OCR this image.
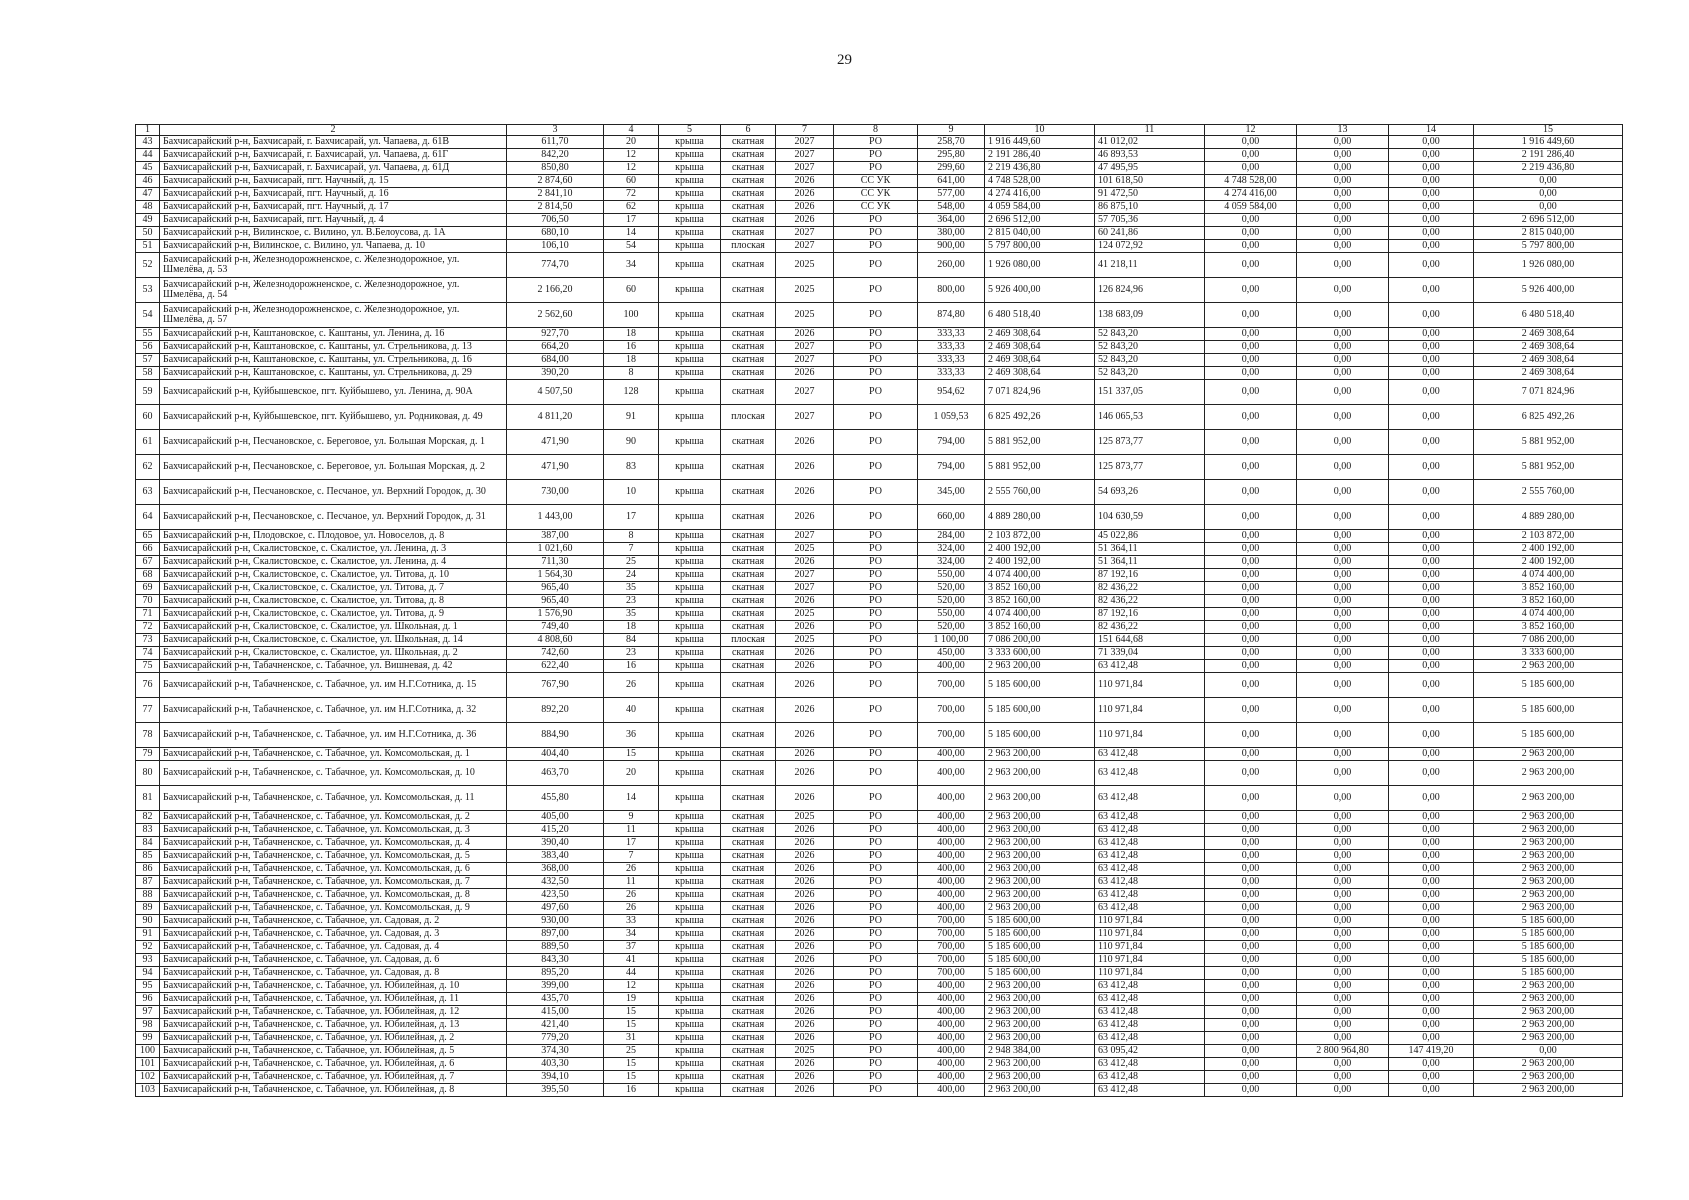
29
1	2	3	4	5	6	7	8	9	10	11	12	13	14	15
43	Бахчисарайский р-н, Бахчисарай, г. Бахчисарай, ул. Чапаева, д. 61В	611,70	20	крыша	скатная	2027	РО	258,70	1 916 449,60	41 012,02	0,00	0,00	0,00	1 916 449,60
44	Бахчисарайский р-н, Бахчисарай, г. Бахчисарай, ул. Чапаева, д. 61Г	842,20	12	крыша	скатная	2027	РО	295,80	2 191 286,40	46 893,53	0,00	0,00	0,00	2 191 286,40
45	Бахчисарайский р-н, Бахчисарай, г. Бахчисарай, ул. Чапаева, д. 61Д	850,80	12	крыша	скатная	2027	РО	299,60	2 219 436,80	47 495,95	0,00	0,00	0,00	2 219 436,80
46	Бахчисарайский р-н, Бахчисарай, пгт. Научный, д. 15	2 874,60	60	крыша	скатная	2026	СС УК	641,00	4 748 528,00	101 618,50	4 748 528,00	0,00	0,00	0,00
47	Бахчисарайский р-н, Бахчисарай, пгт. Научный, д. 16	2 841,10	72	крыша	скатная	2026	СС УК	577,00	4 274 416,00	91 472,50	4 274 416,00	0,00	0,00	0,00
48	Бахчисарайский р-н, Бахчисарай, пгт. Научный, д. 17	2 814,50	62	крыша	скатная	2026	СС УК	548,00	4 059 584,00	86 875,10	4 059 584,00	0,00	0,00	0,00
49	Бахчисарайский р-н, Бахчисарай, пгт. Научный, д. 4	706,50	17	крыша	скатная	2026	РО	364,00	2 696 512,00	57 705,36	0,00	0,00	0,00	2 696 512,00
50	Бахчисарайский р-н, Вилинское, с. Вилино, ул. В.Белоусова, д. 1А	680,10	14	крыша	скатная	2027	РО	380,00	2 815 040,00	60 241,86	0,00	0,00	0,00	2 815 040,00
51	Бахчисарайский р-н, Вилинское, с. Вилино, ул. Чапаева, д. 10	106,10	54	крыша	плоская	2027	РО	900,00	5 797 800,00	124 072,92	0,00	0,00	0,00	5 797 800,00
52	Бахчисарайский р-н, Железнодорожненское, с. Железнодорожное, ул. Шмелёва, д. 53	774,70	34	крыша	скатная	2025	РО	260,00	1 926 080,00	41 218,11	0,00	0,00	0,00	1 926 080,00
53	Бахчисарайский р-н, Железнодорожненское, с. Железнодорожное, ул. Шмелёва, д. 54	2 166,20	60	крыша	скатная	2025	РО	800,00	5 926 400,00	126 824,96	0,00	0,00	0,00	5 926 400,00
54	Бахчисарайский р-н, Железнодорожненское, с. Железнодорожное, ул. Шмелёва, д. 57	2 562,60	100	крыша	скатная	2025	РО	874,80	6 480 518,40	138 683,09	0,00	0,00	0,00	6 480 518,40
55	Бахчисарайский р-н, Каштановское, с. Каштаны, ул. Ленина, д. 16	927,70	18	крыша	скатная	2026	РО	333,33	2 469 308,64	52 843,20	0,00	0,00	0,00	2 469 308,64
56	Бахчисарайский р-н, Каштановское, с. Каштаны, ул. Стрельникова, д. 13	664,20	16	крыша	скатная	2027	РО	333,33	2 469 308,64	52 843,20	0,00	0,00	0,00	2 469 308,64
57	Бахчисарайский р-н, Каштановское, с. Каштаны, ул. Стрельникова, д. 16	684,00	18	крыша	скатная	2027	РО	333,33	2 469 308,64	52 843,20	0,00	0,00	0,00	2 469 308,64
58	Бахчисарайский р-н, Каштановское, с. Каштаны, ул. Стрельникова, д. 29	390,20	8	крыша	скатная	2026	РО	333,33	2 469 308,64	52 843,20	0,00	0,00	0,00	2 469 308,64
59	Бахчисарайский р-н, Куйбышевское, пгт. Куйбышево, ул. Ленина, д. 90А	4 507,50	128	крыша	скатная	2027	РО	954,62	7 071 824,96	151 337,05	0,00	0,00	0,00	7 071 824,96
60	Бахчисарайский р-н, Куйбышевское, пгт. Куйбышево, ул. Родниковая, д. 49	4 811,20	91	крыша	плоская	2027	РО	1 059,53	6 825 492,26	146 065,53	0,00	0,00	0,00	6 825 492,26
61	Бахчисарайский р-н, Песчановское, с. Береговое, ул. Большая Морская, д. 1	471,90	90	крыша	скатная	2026	РО	794,00	5 881 952,00	125 873,77	0,00	0,00	0,00	5 881 952,00
62	Бахчисарайский р-н, Песчановское, с. Береговое, ул. Большая Морская, д. 2	471,90	83	крыша	скатная	2026	РО	794,00	5 881 952,00	125 873,77	0,00	0,00	0,00	5 881 952,00
63	Бахчисарайский р-н, Песчановское, с. Песчаное, ул. Верхний Городок, д. 30	730,00	10	крыша	скатная	2026	РО	345,00	2 555 760,00	54 693,26	0,00	0,00	0,00	2 555 760,00
64	Бахчисарайский р-н, Песчановское, с. Песчаное, ул. Верхний Городок, д. 31	1 443,00	17	крыша	скатная	2026	РО	660,00	4 889 280,00	104 630,59	0,00	0,00	0,00	4 889 280,00
65	Бахчисарайский р-н, Плодовское, с. Плодовое, ул. Новоселов, д. 8	387,00	8	крыша	скатная	2027	РО	284,00	2 103 872,00	45 022,86	0,00	0,00	0,00	2 103 872,00
66	Бахчисарайский р-н, Скалистовское, с. Скалистое, ул. Ленина, д. 3	1 021,60	7	крыша	скатная	2025	РО	324,00	2 400 192,00	51 364,11	0,00	0,00	0,00	2 400 192,00
67	Бахчисарайский р-н, Скалистовское, с. Скалистое, ул. Ленина, д. 4	711,30	25	крыша	скатная	2026	РО	324,00	2 400 192,00	51 364,11	0,00	0,00	0,00	2 400 192,00
68	Бахчисарайский р-н, Скалистовское, с. Скалистое, ул. Титова, д. 10	1 564,30	24	крыша	скатная	2027	РО	550,00	4 074 400,00	87 192,16	0,00	0,00	0,00	4 074 400,00
69	Бахчисарайский р-н, Скалистовское, с. Скалистое, ул. Титова, д. 7	965,40	35	крыша	скатная	2027	РО	520,00	3 852 160,00	82 436,22	0,00	0,00	0,00	3 852 160,00
70	Бахчисарайский р-н, Скалистовское, с. Скалистое, ул. Титова, д. 8	965,40	23	крыша	скатная	2026	РО	520,00	3 852 160,00	82 436,22	0,00	0,00	0,00	3 852 160,00
71	Бахчисарайский р-н, Скалистовское, с. Скалистое, ул. Титова, д. 9	1 576,90	35	крыша	скатная	2025	РО	550,00	4 074 400,00	87 192,16	0,00	0,00	0,00	4 074 400,00
72	Бахчисарайский р-н, Скалистовское, с. Скалистое, ул. Школьная, д. 1	749,40	18	крыша	скатная	2026	РО	520,00	3 852 160,00	82 436,22	0,00	0,00	0,00	3 852 160,00
73	Бахчисарайский р-н, Скалистовское, с. Скалистое, ул. Школьная, д. 14	4 808,60	84	крыша	плоская	2025	РО	1 100,00	7 086 200,00	151 644,68	0,00	0,00	0,00	7 086 200,00
74	Бахчисарайский р-н, Скалистовское, с. Скалистое, ул. Школьная, д. 2	742,60	23	крыша	скатная	2026	РО	450,00	3 333 600,00	71 339,04	0,00	0,00	0,00	3 333 600,00
75	Бахчисарайский р-н, Табачненское, с. Табачное, ул. Вишневая, д. 42	622,40	16	крыша	скатная	2026	РО	400,00	2 963 200,00	63 412,48	0,00	0,00	0,00	2 963 200,00
76	Бахчисарайский р-н, Табачненское, с. Табачное, ул. им Н.Г.Сотника, д. 15	767,90	26	крыша	скатная	2026	РО	700,00	5 185 600,00	110 971,84	0,00	0,00	0,00	5 185 600,00
77	Бахчисарайский р-н, Табачненское, с. Табачное, ул. им Н.Г.Сотника, д. 32	892,20	40	крыша	скатная	2026	РО	700,00	5 185 600,00	110 971,84	0,00	0,00	0,00	5 185 600,00
78	Бахчисарайский р-н, Табачненское, с. Табачное, ул. им Н.Г.Сотника, д. 36	884,90	36	крыша	скатная	2026	РО	700,00	5 185 600,00	110 971,84	0,00	0,00	0,00	5 185 600,00
79	Бахчисарайский р-н, Табачненское, с. Табачное, ул. Комсомольская, д. 1	404,40	15	крыша	скатная	2026	РО	400,00	2 963 200,00	63 412,48	0,00	0,00	0,00	2 963 200,00
80	Бахчисарайский р-н, Табачненское, с. Табачное, ул. Комсомольская, д. 10	463,70	20	крыша	скатная	2026	РО	400,00	2 963 200,00	63 412,48	0,00	0,00	0,00	2 963 200,00
81	Бахчисарайский р-н, Табачненское, с. Табачное, ул. Комсомольская, д. 11	455,80	14	крыша	скатная	2026	РО	400,00	2 963 200,00	63 412,48	0,00	0,00	0,00	2 963 200,00
82	Бахчисарайский р-н, Табачненское, с. Табачное, ул. Комсомольская, д. 2	405,00	9	крыша	скатная	2025	РО	400,00	2 963 200,00	63 412,48	0,00	0,00	0,00	2 963 200,00
83	Бахчисарайский р-н, Табачненское, с. Табачное, ул. Комсомольская, д. 3	415,20	11	крыша	скатная	2026	РО	400,00	2 963 200,00	63 412,48	0,00	0,00	0,00	2 963 200,00
84	Бахчисарайский р-н, Табачненское, с. Табачное, ул. Комсомольская, д. 4	390,40	17	крыша	скатная	2026	РО	400,00	2 963 200,00	63 412,48	0,00	0,00	0,00	2 963 200,00
85	Бахчисарайский р-н, Табачненское, с. Табачное, ул. Комсомольская, д. 5	383,40	7	крыша	скатная	2026	РО	400,00	2 963 200,00	63 412,48	0,00	0,00	0,00	2 963 200,00
86	Бахчисарайский р-н, Табачненское, с. Табачное, ул. Комсомольская, д. 6	368,00	26	крыша	скатная	2026	РО	400,00	2 963 200,00	63 412,48	0,00	0,00	0,00	2 963 200,00
87	Бахчисарайский р-н, Табачненское, с. Табачное, ул. Комсомольская, д. 7	432,50	11	крыша	скатная	2026	РО	400,00	2 963 200,00	63 412,48	0,00	0,00	0,00	2 963 200,00
88	Бахчисарайский р-н, Табачненское, с. Табачное, ул. Комсомольская, д. 8	423,50	26	крыша	скатная	2026	РО	400,00	2 963 200,00	63 412,48	0,00	0,00	0,00	2 963 200,00
89	Бахчисарайский р-н, Табачненское, с. Табачное, ул. Комсомольская, д. 9	497,60	26	крыша	скатная	2026	РО	400,00	2 963 200,00	63 412,48	0,00	0,00	0,00	2 963 200,00
90	Бахчисарайский р-н, Табачненское, с. Табачное, ул. Садовая, д. 2	930,00	33	крыша	скатная	2026	РО	700,00	5 185 600,00	110 971,84	0,00	0,00	0,00	5 185 600,00
91	Бахчисарайский р-н, Табачненское, с. Табачное, ул. Садовая, д. 3	897,00	34	крыша	скатная	2026	РО	700,00	5 185 600,00	110 971,84	0,00	0,00	0,00	5 185 600,00
92	Бахчисарайский р-н, Табачненское, с. Табачное, ул. Садовая, д. 4	889,50	37	крыша	скатная	2026	РО	700,00	5 185 600,00	110 971,84	0,00	0,00	0,00	5 185 600,00
93	Бахчисарайский р-н, Табачненское, с. Табачное, ул. Садовая, д. 6	843,30	41	крыша	скатная	2026	РО	700,00	5 185 600,00	110 971,84	0,00	0,00	0,00	5 185 600,00
94	Бахчисарайский р-н, Табачненское, с. Табачное, ул. Садовая, д. 8	895,20	44	крыша	скатная	2026	РО	700,00	5 185 600,00	110 971,84	0,00	0,00	0,00	5 185 600,00
95	Бахчисарайский р-н, Табачненское, с. Табачное, ул. Юбилейная, д. 10	399,00	12	крыша	скатная	2026	РО	400,00	2 963 200,00	63 412,48	0,00	0,00	0,00	2 963 200,00
96	Бахчисарайский р-н, Табачненское, с. Табачное, ул. Юбилейная, д. 11	435,70	19	крыша	скатная	2026	РО	400,00	2 963 200,00	63 412,48	0,00	0,00	0,00	2 963 200,00
97	Бахчисарайский р-н, Табачненское, с. Табачное, ул. Юбилейная, д. 12	415,00	15	крыша	скатная	2026	РО	400,00	2 963 200,00	63 412,48	0,00	0,00	0,00	2 963 200,00
98	Бахчисарайский р-н, Табачненское, с. Табачное, ул. Юбилейная, д. 13	421,40	15	крыша	скатная	2026	РО	400,00	2 963 200,00	63 412,48	0,00	0,00	0,00	2 963 200,00
99	Бахчисарайский р-н, Табачненское, с. Табачное, ул. Юбилейная, д. 2	779,20	31	крыша	скатная	2026	РО	400,00	2 963 200,00	63 412,48	0,00	0,00	0,00	2 963 200,00
100	Бахчисарайский р-н, Табачненское, с. Табачное, ул. Юбилейная, д. 5	374,30	25	крыша	скатная	2025	РО	400,00	2 948 384,00	63 095,42	0,00	2 800 964,80	147 419,20	0,00
101	Бахчисарайский р-н, Табачненское, с. Табачное, ул. Юбилейная, д. 6	403,30	15	крыша	скатная	2026	РО	400,00	2 963 200,00	63 412,48	0,00	0,00	0,00	2 963 200,00
102	Бахчисарайский р-н, Табачненское, с. Табачное, ул. Юбилейная, д. 7	394,10	15	крыша	скатная	2026	РО	400,00	2 963 200,00	63 412,48	0,00	0,00	0,00	2 963 200,00
103	Бахчисарайский р-н, Табачненское, с. Табачное, ул. Юбилейная, д. 8	395,50	16	крыша	скатная	2026	РО	400,00	2 963 200,00	63 412,48	0,00	0,00	0,00	2 963 200,00
